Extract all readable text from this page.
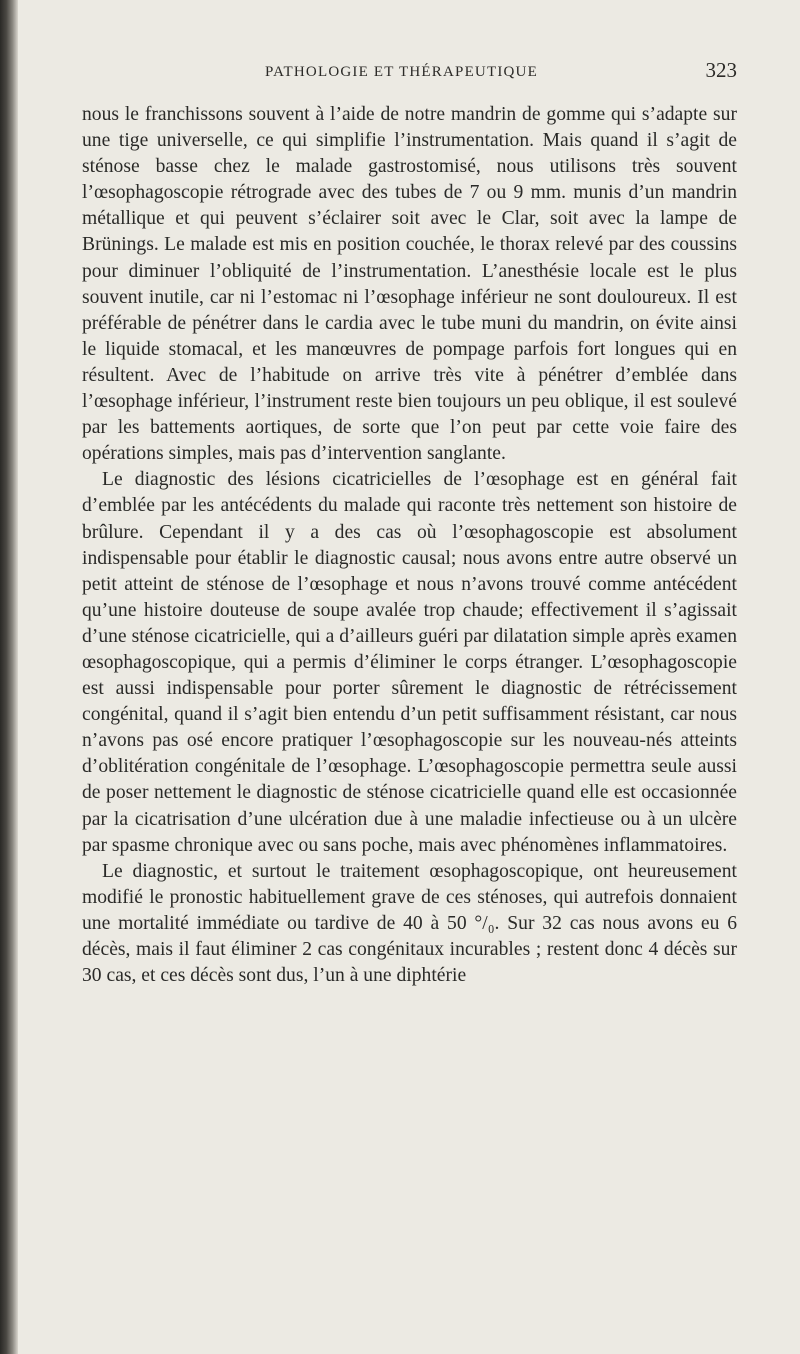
PATHOLOGIE ET THÉRAPEUTIQUE	323

nous le franchissons souvent à l’aide de notre mandrin de gomme qui s’adapte sur une tige universelle, ce qui simplifie l’instrumentation. Mais quand il s’agit de sténose basse chez le malade gastrostomisé, nous utilisons très souvent l’œsophagoscopie rétrograde avec des tubes de 7 ou 9 mm. munis d’un mandrin métallique et qui peuvent s’éclairer soit avec le Clar, soit avec la lampe de Brünings. Le malade est mis en position couchée, le thorax relevé par des coussins pour diminuer l’obliquité de l’instrumentation. L’anesthésie locale est le plus souvent inutile, car ni l’estomac ni l’œsophage inférieur ne sont douloureux. Il est préférable de pénétrer dans le cardia avec le tube muni du mandrin, on évite ainsi le liquide stomacal, et les manœuvres de pompage parfois fort longues qui en résultent. Avec de l’habitude on arrive très vite à pénétrer d’emblée dans l’œsophage inférieur, l’instrument reste bien toujours un peu oblique, il est soulevé par les battements aortiques, de sorte que l’on peut par cette voie faire des opérations simples, mais pas d’intervention sanglante.

Le diagnostic des lésions cicatricielles de l’œsophage est en général fait d’emblée par les antécédents du malade qui raconte très nettement son histoire de brûlure. Cependant il y a des cas où l’œsophagoscopie est absolument indispensable pour établir le diagnostic causal; nous avons entre autre observé un petit atteint de sténose de l’œsophage et nous n’avons trouvé comme antécédent qu’une histoire douteuse de soupe avalée trop chaude; effectivement il s’agissait d’une sténose cicatricielle, qui a d’ailleurs guéri par dilatation simple après examen œsophagoscopique, qui a permis d’éliminer le corps étranger. L’œsophagoscopie est aussi indispensable pour porter sûrement le diagnostic de rétrécissement congénital, quand il s’agit bien entendu d’un petit suffisamment résistant, car nous n’avons pas osé encore pratiquer l’œsophagoscopie sur les nouveau-nés atteints d’oblitération congénitale de l’œsophage. L’œsophagoscopie permettra seule aussi de poser nettement le diagnostic de sténose cicatricielle quand elle est occasionnée par la cicatrisation d’une ulcération due à une maladie infectieuse ou à un ulcère par spasme chronique avec ou sans poche, mais avec phénomènes inflammatoires.

Le diagnostic, et surtout le traitement œsophagoscopique, ont heureusement modifié le pronostic habituellement grave de ces sténoses, qui autrefois donnaient une mortalité immédiate ou tardive de 40 à 50 °/₀. Sur 32 cas nous avons eu 6 décès, mais il faut éliminer 2 cas congénitaux incurables ; restent donc 4 décès sur 30 cas, et ces décès sont dus, l’un à une diphtérie
